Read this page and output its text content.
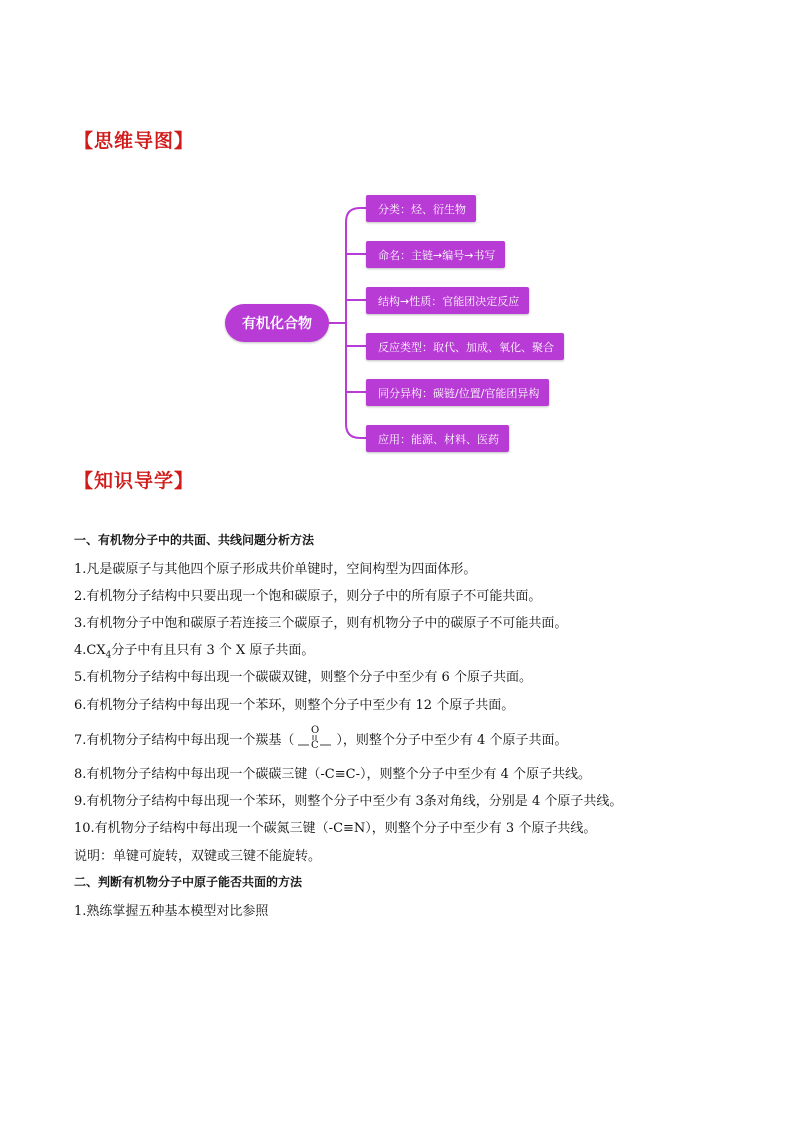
【思维导图】
有机化合物
分类：烃、衍生物
命名：主链→编号→书写
结构→性质：官能团决定反应
反应类型：取代、加成、氧化、聚合
同分异构：碳链/位置/官能团异构
应用：能源、材料、医药
【知识导学】
一、有机物分子中的共面、共线问题分析方法
1.凡是碳原子与其他四个原子形成共价单键时，空间构型为四面体形。
2.有机物分子结构中只要出现一个饱和碳原子，则分子中的所有原子不可能共面。
3.有机物分子中饱和碳原子若连接三个碳原子，则有机物分子中的碳原子不可能共面。
$4.CX_4$分子中有且只有 3 个 X 原子共面。
5.有机物分子结构中每出现一个碳碳双键，则整个分子中至少有 6 个原子共面。
6.有机物分子结构中每出现一个苯环，则整个分子中至少有 12 个原子共面。
7.有机物分子结构中每出现一个羰基（
O
C ），则整个分子中至少有 4 个原子共面。
8.有机物分子结构中每出现一个碳碳三键（-C≡C-），则整个分子中至少有 4 个原子共线。
9.有机物分子结构中每出现一个苯环，则整个分子中至少有 3条对角线，分别是 4 个原子共线。
10.有机物分子结构中每出现一个碳氮三键（-C≡N），则整个分子中至少有 3 个原子共线。
说明：单键可旋转，双键或三键不能旋转。
二、判断有机物分子中原子能否共面的方法
1.熟练掌握五种基本模型对比参照
